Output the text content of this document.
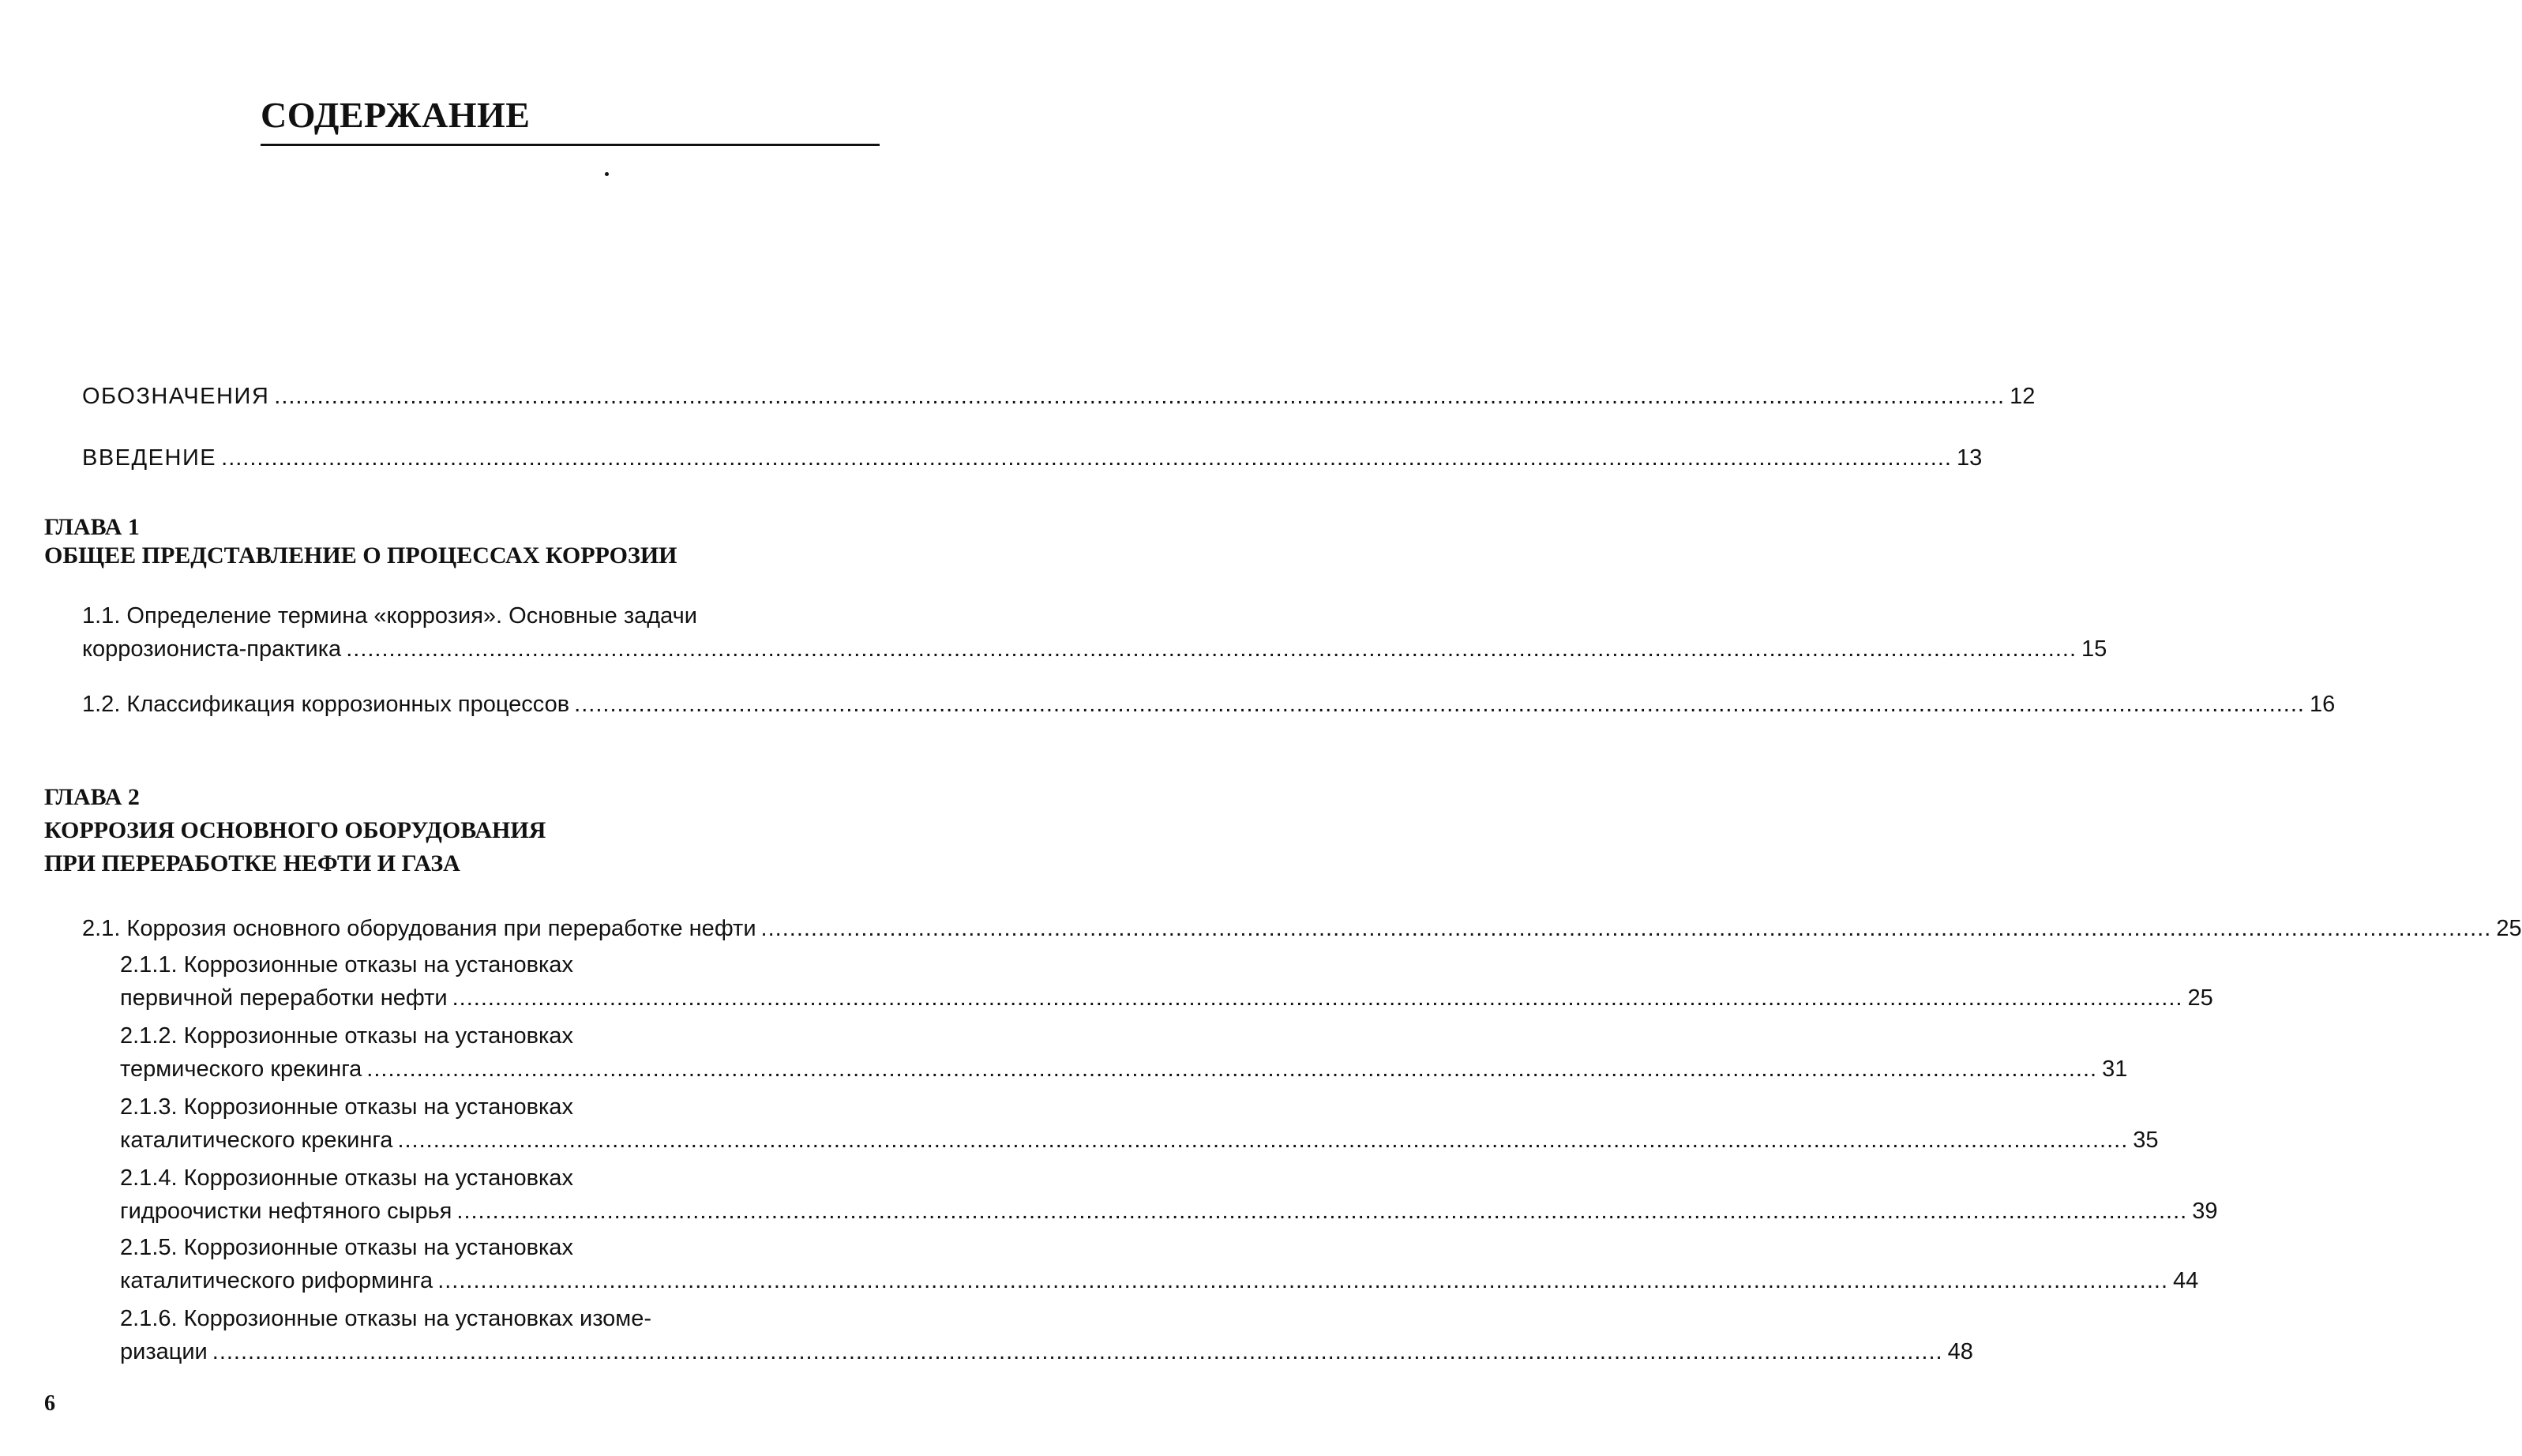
СОДЕРЖАНИЕ
ОБОЗНАЧЕНИЯ .................................................................................................................................................................................................................................................. 12
ВВЕДЕНИЕ .................................................................................................................................................................................................................................................. 13
ГЛАВА 1
ОБЩЕЕ ПРЕДСТАВЛЕНИЕ О ПРОЦЕССАХ КОРРОЗИИ
1.1. Определение термина «коррозия». Основные задачи
коррозиониста-практика .................................................................................................................................................................................................................................................. 15
1.2. Классификация коррозионных процессов .................................................................................................................................................................................................................................................. 16
ГЛАВА 2
КОРРОЗИЯ ОСНОВНОГО ОБОРУДОВАНИЯ
ПРИ ПЕРЕРАБОТКЕ НЕФТИ И ГАЗА
2.1. Коррозия основного оборудования при переработке нефти .................................................................................................................................................................................................................................................. 25
2.1.1. Коррозионные отказы на установках
первичной переработки нефти .................................................................................................................................................................................................................................................. 25
2.1.2. Коррозионные отказы на установках
термического крекинга .................................................................................................................................................................................................................................................. 31
2.1.3. Коррозионные отказы на установках
каталитического крекинга .................................................................................................................................................................................................................................................. 35
2.1.4. Коррозионные отказы на установках
гидроочистки нефтяного сырья .................................................................................................................................................................................................................................................. 39
2.1.5. Коррозионные отказы на установках
каталитического риформинга .................................................................................................................................................................................................................................................. 44
2.1.6. Коррозионные отказы на установках изоме-
ризации .................................................................................................................................................................................................................................................. 48
6
